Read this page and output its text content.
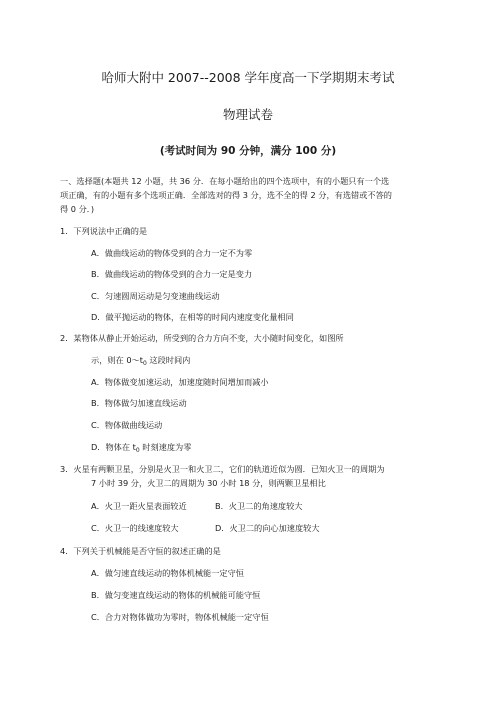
哈师大附中 2007--2008 学年度高一下学期期末考试
物理试卷
(考试时间为 90 分钟，满分 100 分)
一、选择题(本题共 12 小题，共 36 分．在每小题给出的四个选项中，有的小题只有一个选
项正确，有的小题有多个选项正确．全部选对的得 3 分，选不全的得 2 分，有选错或不答的
得 0 分．)
1．下列说法中正确的是
A．做曲线运动的物体受到的合力一定不为零
B．做曲线运动的物体受到的合力一定是变力
C．匀速圆周运动是匀变速曲线运动
D．做平抛运动的物体，在相等的时间内速度变化量相同
2．某物体从静止开始运动，所受到的合力方向不变，大小随时间变化，如图所
示，则在 $0\sim t_0$ 这段时间内
A．物体做变加速运动，加速度随时间增加而减小
B．物体做匀加速直线运动
C．物体做曲线运动
D．物体在 $t_0$ 时刻速度为零
3．火星有两颗卫星，分别是火卫一和火卫二，它们的轨道近似为圆．已知火卫一的周期为
7 小时 39 分，火卫二的周期为 30 小时 18 分，则两颗卫星相比
A．火卫一距火星表面较近	B．火卫二的角速度较大
C．火卫一的线速度较大	D．火卫二的向心加速度较大
4．下列关于机械能是否守恒的叙述正确的是
A．做匀速直线运动的物体机械能一定守恒
B．做匀变速直线运动的物体的机械能可能守恒
C．合力对物体做功为零时，物体机械能一定守恒
